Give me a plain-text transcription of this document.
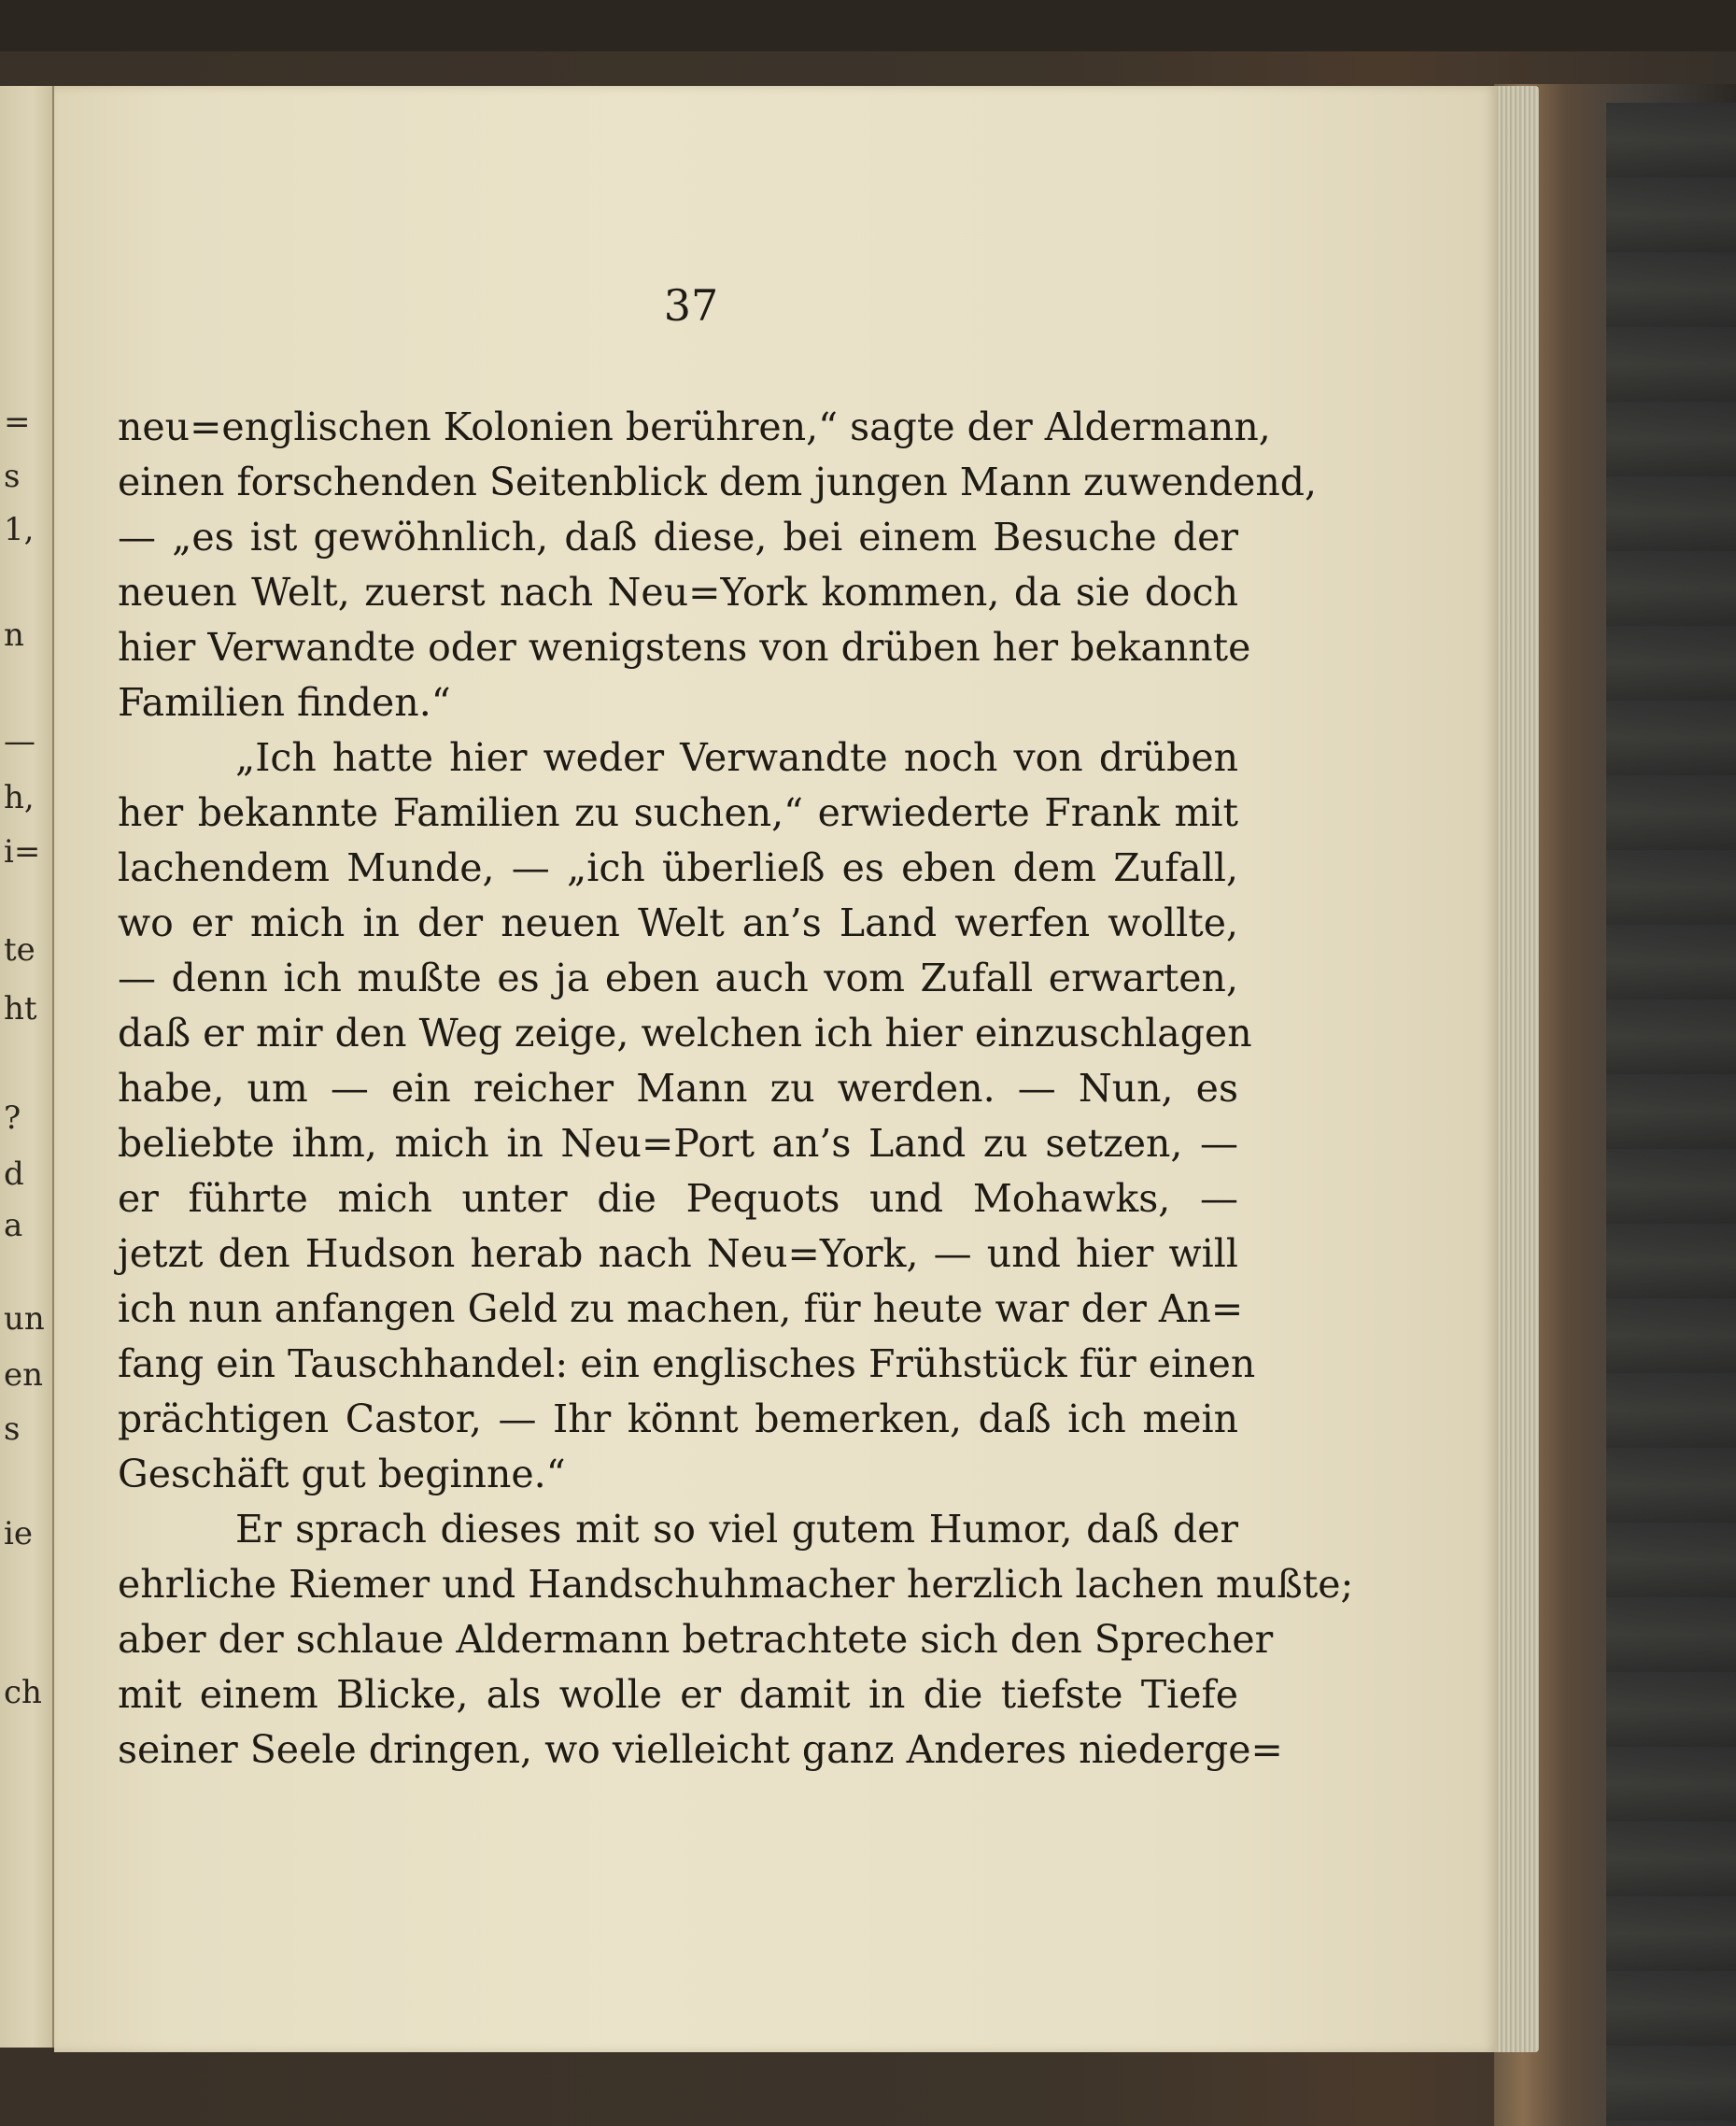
=
s
1,
n
—
h,
i=
te
ht
?
d
a
un
en
s
ie
ch
37
neu=englischen Kolonien berühren,“ sagte der Aldermann,
einen forschenden Seitenblick dem jungen Mann zuwendend,
— „es ist gewöhnlich, daß diese, bei einem Besuche der
neuen Welt, zuerst nach Neu=York kommen, da sie doch
hier Verwandte oder wenigstens von drüben her bekannte
Familien finden.“
„Ich hatte hier weder Verwandte noch von drüben
her bekannte Familien zu suchen,“ erwiederte Frank mit
lachendem Munde, — „ich überließ es eben dem Zufall,
wo er mich in der neuen Welt an’s Land werfen wollte,
— denn ich mußte es ja eben auch vom Zufall erwarten,
daß er mir den Weg zeige, welchen ich hier einzuschlagen
habe, um — ein reicher Mann zu werden. — Nun, es
beliebte ihm, mich in Neu=Port an’s Land zu setzen, —
er führte mich unter die Pequots und Mohawks, —
jetzt den Hudson herab nach Neu=York, — und hier will
ich nun anfangen Geld zu machen, für heute war der An=
fang ein Tauschhandel: ein englisches Frühstück für einen
prächtigen Castor, — Ihr könnt bemerken, daß ich mein
Geschäft gut beginne.“
Er sprach dieses mit so viel gutem Humor, daß der
ehrliche Riemer und Handschuhmacher herzlich lachen mußte;
aber der schlaue Aldermann betrachtete sich den Sprecher
mit einem Blicke, als wolle er damit in die tiefste Tiefe
seiner Seele dringen, wo vielleicht ganz Anderes niederge=
